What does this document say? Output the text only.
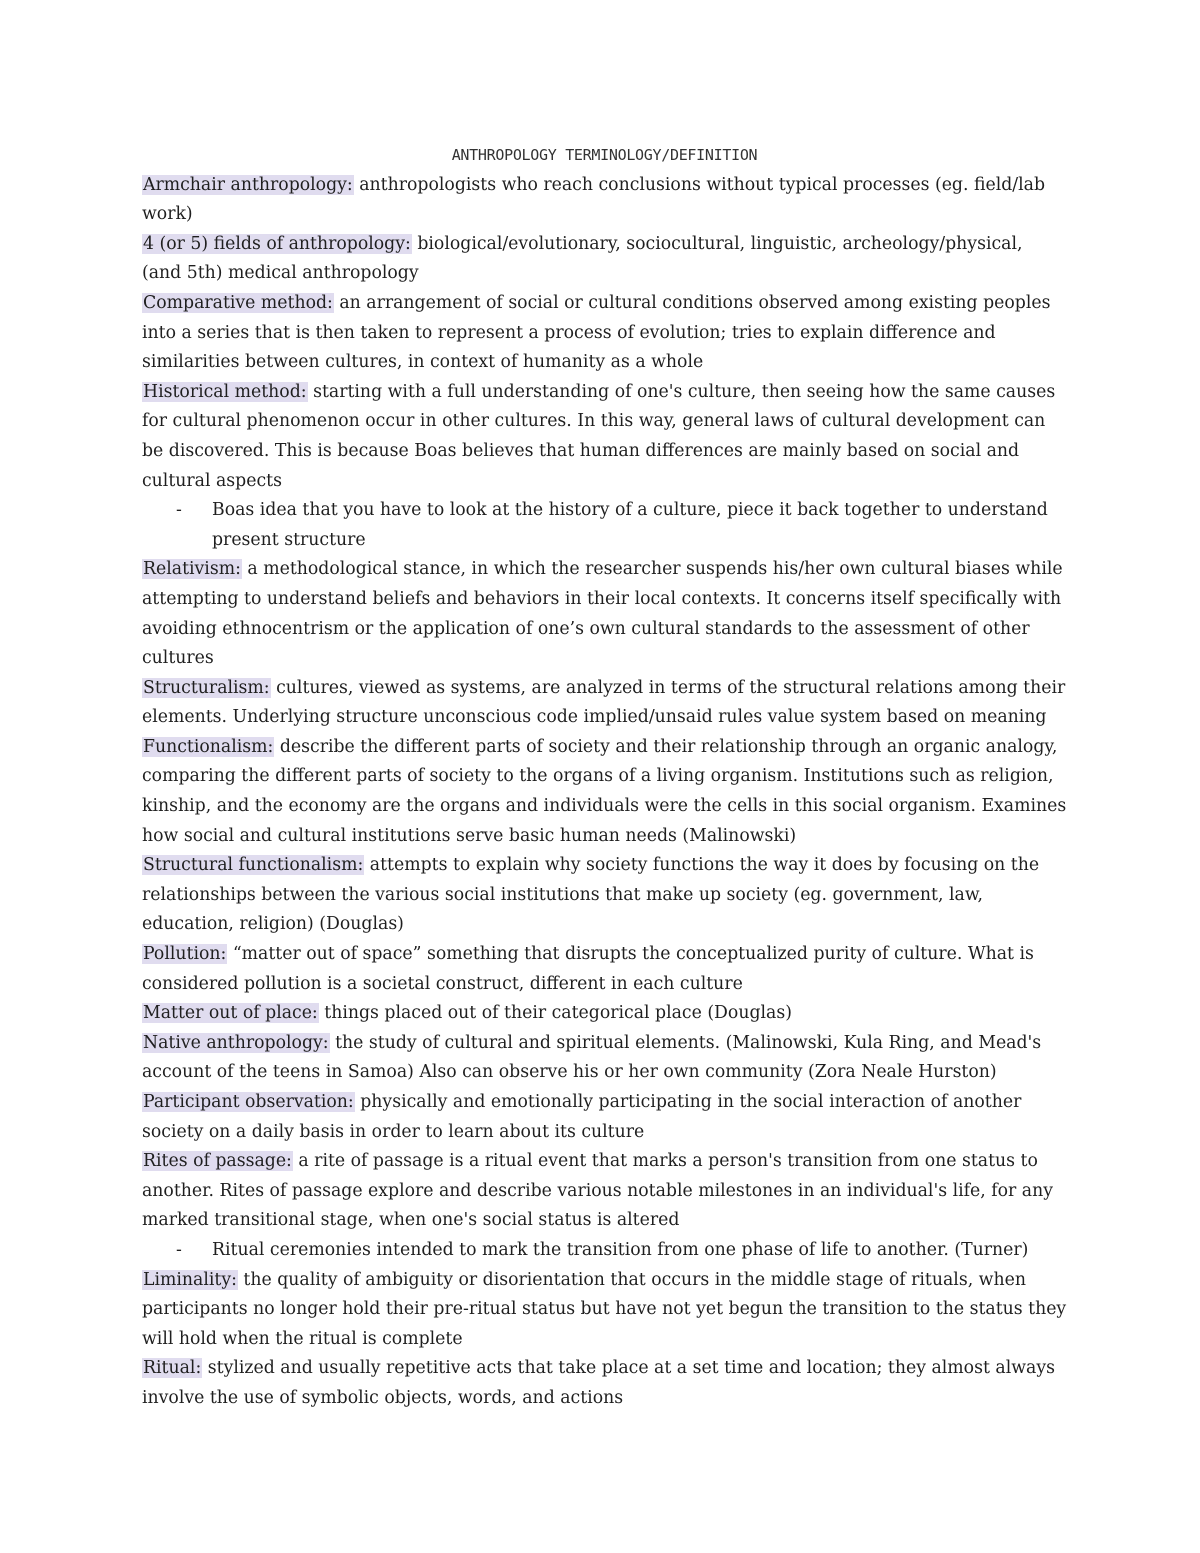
ANTHROPOLOGY TERMINOLOGY/DEFINITION

Armchair anthropology: anthropologists who reach conclusions without typical processes (eg. field/lab work)

4 (or 5) fields of anthropology: biological/evolutionary, sociocultural, linguistic, archeology/physical, (and 5th) medical anthropology

Comparative method: an arrangement of social or cultural conditions observed among existing peoples into a series that is then taken to represent a process of evolution; tries to explain difference and similarities between cultures, in context of humanity as a whole

Historical method: starting with a full understanding of one's culture, then seeing how the same causes for cultural phenomenon occur in other cultures. In this way, general laws of cultural development can be discovered. This is because Boas believes that human differences are mainly based on social and cultural aspects

- Boas idea that you have to look at the history of a culture, piece it back together to understand present structure

Relativism: a methodological stance, in which the researcher suspends his/her own cultural biases while attempting to understand beliefs and behaviors in their local contexts. It concerns itself specifically with avoiding ethnocentrism or the application of one’s own cultural standards to the assessment of other cultures

Structuralism: cultures, viewed as systems, are analyzed in terms of the structural relations among their elements. Underlying structure unconscious code implied/unsaid rules value system based on meaning

Functionalism: describe the different parts of society and their relationship through an organic analogy, comparing the different parts of society to the organs of a living organism. Institutions such as religion, kinship, and the economy are the organs and individuals were the cells in this social organism. Examines how social and cultural institutions serve basic human needs (Malinowski)

Structural functionalism: attempts to explain why society functions the way it does by focusing on the relationships between the various social institutions that make up society (eg. government, law, education, religion) (Douglas)

Pollution: “matter out of space” something that disrupts the conceptualized purity of culture. What is considered pollution is a societal construct, different in each culture

Matter out of place: things placed out of their categorical place (Douglas)

Native anthropology: the study of cultural and spiritual elements. (Malinowski, Kula Ring, and Mead's account of the teens in Samoa) Also can observe his or her own community (Zora Neale Hurston)

Participant observation: physically and emotionally participating in the social interaction of another society on a daily basis in order to learn about its culture

Rites of passage: a rite of passage is a ritual event that marks a person's transition from one status to another. Rites of passage explore and describe various notable milestones in an individual's life, for any marked transitional stage, when one's social status is altered

- Ritual ceremonies intended to mark the transition from one phase of life to another. (Turner)

Liminality: the quality of ambiguity or disorientation that occurs in the middle stage of rituals, when participants no longer hold their pre-ritual status but have not yet begun the transition to the status they will hold when the ritual is complete

Ritual: stylized and usually repetitive acts that take place at a set time and location; they almost always involve the use of symbolic objects, words, and actions
